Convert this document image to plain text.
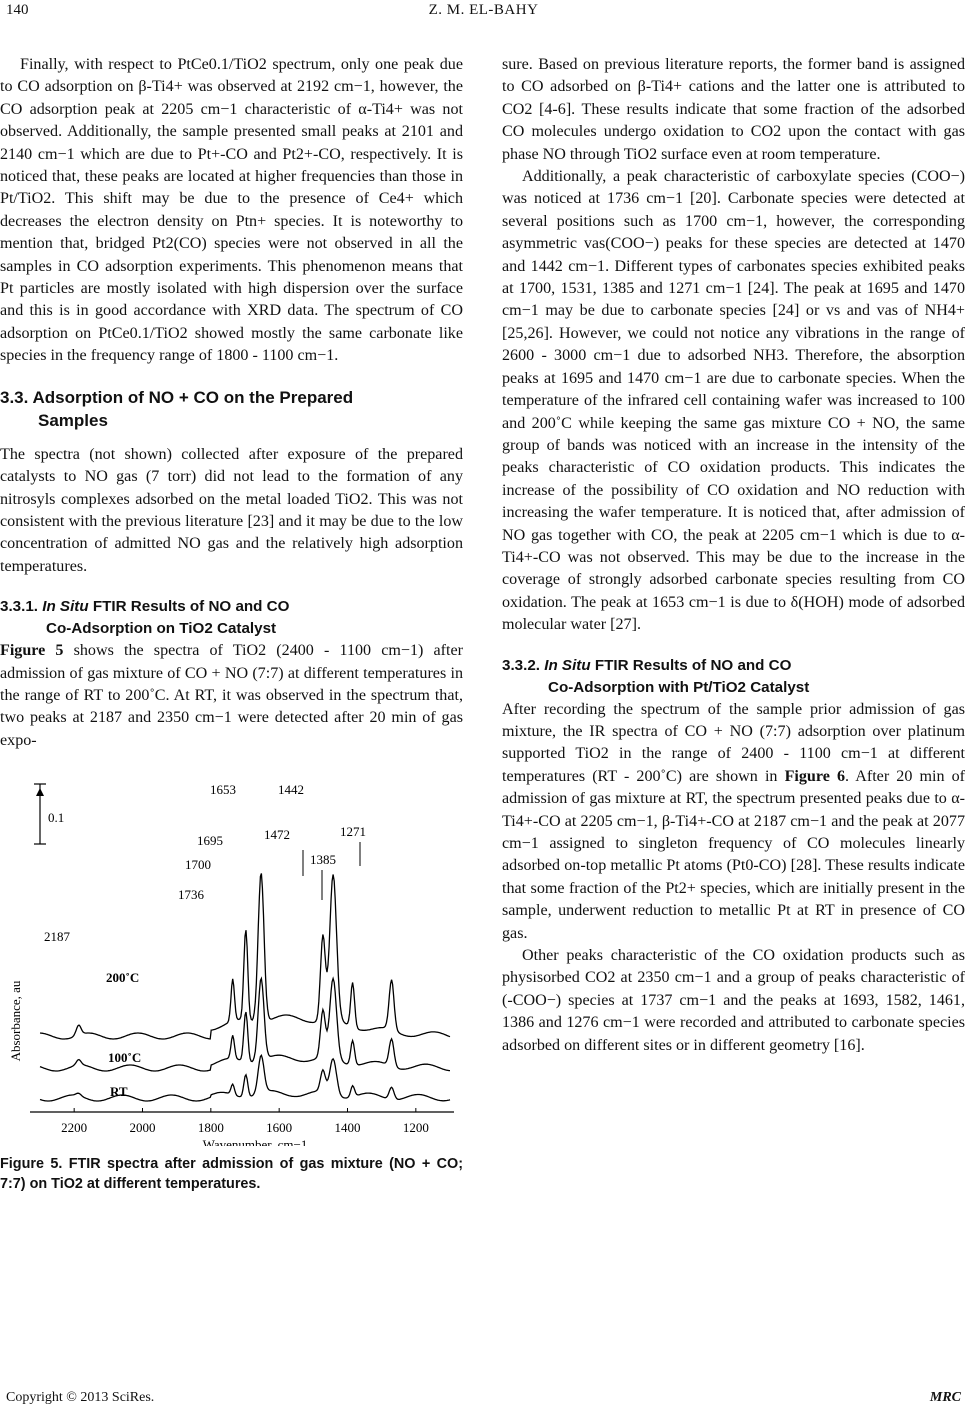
140	Z. M. EL-BAHY

Finally, with respect to PtCe0.1/TiO2 spectrum, only one peak due to CO adsorption on β-Ti4+ was observed at 2192 cm−1, however, the CO adsorption peak at 2205 cm−1 characteristic of α-Ti4+ was not observed. Additionally, the sample presented small peaks at 2101 and 2140 cm−1 which are due to Pt+-CO and Pt2+-CO, respectively. It is noticed that, these peaks are located at higher frequencies than those in Pt/TiO2. This shift may be due to the presence of Ce4+ which decreases the electron density on Ptn+ species. It is noteworthy to mention that, bridged Pt2(CO) species were not observed in all the samples in CO adsorption experiments. This phenomenon means that Pt particles are mostly isolated with high dispersion over the surface and this is in good accordance with XRD data. The spectrum of CO adsorption on PtCe0.1/TiO2 showed mostly the same carbonate like species in the frequency range of 1800 - 1100 cm−1.

3.3. Adsorption of NO + CO on the Prepared
Samples

The spectra (not shown) collected after exposure of the prepared catalysts to NO gas (7 torr) did not lead to the formation of any nitrosyls complexes adsorbed on the metal loaded TiO2. This was not consistent with the previous literature [23] and it may be due to the low concentration of admitted NO gas and the relatively high adsorption temperatures.

3.3.1. In Situ FTIR Results of NO and CO
Co-Adsorption on TiO2 Catalyst

Figure 5 shows the spectra of TiO2 (2400 - 1100 cm−1) after admission of gas mixture of CO + NO (7:7) at different temperatures in the range of RT to 200˚C. At RT, it was observed in the spectrum that, two peaks at 2187 and 2350 cm−1 were detected after 20 min of gas expo-

Absorbance, au
0.1
RT
100˚C
200˚C
2187
1736
1700
1695
1653
1472
1442
1385
1271
2200	2000	1800	1600	1400	1200
Wavenumber, cm−1
Figure 5. FTIR spectra after admission of gas mixture (NO + CO; 7:7) on TiO2 at different temperatures.

sure. Based on previous literature reports, the former band is assigned to CO adsorbed on β-Ti4+ cations and the latter one is attributed to CO2 [4-6]. These results indicate that some fraction of the adsorbed CO molecules undergo oxidation to CO2 upon the contact with gas phase NO through TiO2 surface even at room temperature.

Additionally, a peak characteristic of carboxylate species (COO−) was noticed at 1736 cm−1 [20]. Carbonate species were detected at several positions such as 1700 cm−1, however, the corresponding asymmetric vas(COO−) peaks for these species are detected at 1470 and 1442 cm−1. Different types of carbonates species exhibited peaks at 1700, 1531, 1385 and 1271 cm−1 [24]. The peak at 1695 and 1470 cm−1 may be due to carbonate species [24] or vs and vas of NH4+ [25,26]. However, we could not notice any vibrations in the range of 2600 - 3000 cm−1 due to adsorbed NH3. Therefore, the absorption peaks at 1695 and 1470 cm−1 are due to carbonate species. When the temperature of the infrared cell containing wafer was increased to 100 and 200˚C while keeping the same gas mixture CO + NO, the same group of bands was noticed with an increase in the intensity of the peaks characteristic of CO oxidation products. This indicates the increase of the possibility of CO oxidation and NO reduction with increasing the wafer temperature. It is noticed that, after admission of NO gas together with CO, the peak at 2205 cm−1 which is due to α-Ti4+-CO was not observed. This may be due to the increase in the coverage of strongly adsorbed carbonate species resulting from CO oxidation. The peak at 1653 cm−1 is due to δ(HOH) mode of adsorbed molecular water [27].

3.3.2. In Situ FTIR Results of NO and CO
Co-Adsorption with Pt/TiO2 Catalyst

After recording the spectrum of the sample prior admission of gas mixture, the IR spectra of CO + NO (7:7) adsorption over platinum supported TiO2 in the range of 2400 - 1100 cm−1 at different temperatures (RT - 200˚C) are shown in Figure 6. After 20 min of admission of gas mixture at RT, the spectrum presented peaks due to α-Ti4+-CO at 2205 cm−1, β-Ti4+-CO at 2187 cm−1 and the peak at 2077 cm−1 assigned to singleton frequency of CO molecules linearly adsorbed on-top metallic Pt atoms (Pt0-CO) [28]. These results indicate that some fraction of the Pt2+ species, which are initially present in the sample, underwent reduction to metallic Pt at RT in presence of CO gas.

Other peaks characteristic of the CO oxidation products such as physisorbed CO2 at 2350 cm−1 and a group of peaks characteristic of (-COO−) species at 1737 cm−1 and the peaks at 1693, 1582, 1461, 1386 and 1276 cm−1 were recorded and attributed to carbonate species adsorbed on different sites or in different geometry [16].

Copyright © 2013 SciRes.	MRC
